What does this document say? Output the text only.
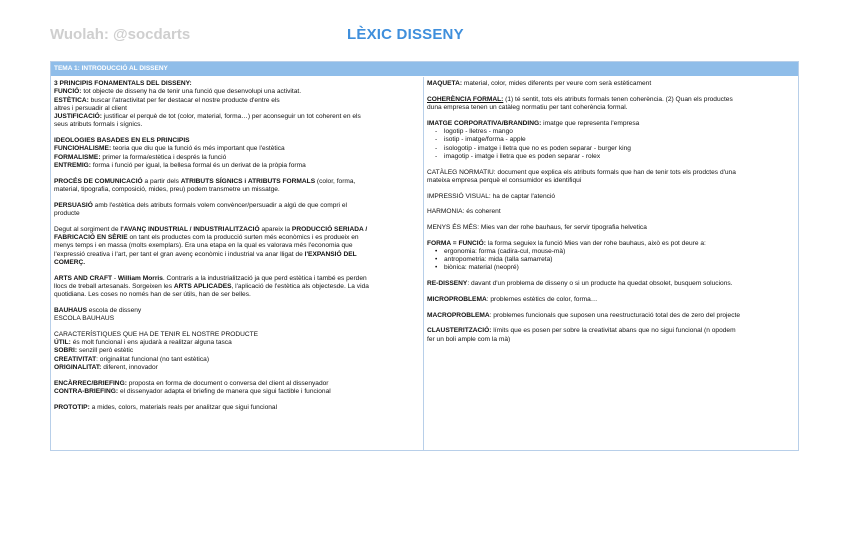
Wuolah: @socdarts	LÈXIC DISSENY
TEMA 1: INTRODUCCIÓ AL DISSENY

3 PRINCIPIS FONAMENTALS DEL DISSENY:

FUNCIÓ: tot objecte de disseny ha de tenir una funció que desenvolupi una activitat.

ESTÈTICA: buscar l'atractivitat per fer destacar el nostre producte d'entre els

altres i persuadir al client

JUSTIFICACIÓ: justificar el perquè de tot (color, material, forma…) per aconseguir un tot coherent en els

seus atributs formals i sígnics.

IDEOLOGIES BASADES EN ELS PRINCIPIS

FUNCIOHALISME: teoria que diu que la funció és més important que l'estètica

FORMALISME: primer la forma/estètica i després la funció

ENTREMIG: forma i funció per igual, la bellesa formal és un derivat de la pròpia forma

PROCÉS DE COMUNICACIÓ a partir dels ATRIBUTS SÍGNICS i ATRIBUTS FORMALS (color, forma,

material, tipografia, composició, mides, preu) podem transmetre un missatge.

PERSUASIÓ amb l'estètica dels atributs formals volem convèncer/persuadir a algú de que compri el

producte

Degut al sorgiment de l'AVANÇ INDUSTRIAL / INDUSTRIALITZACIÓ apareix la PRODUCCIÓ SERIADA /

FABRICACIÓ EN SÈRIE on tant els productes com la producció surten més econòmics i es produeix en

menys temps i en massa (molts exemplars). Era una etapa en la qual es valorava més l'economia que

l'expressió creativa i l'art, per tant el gran avenç econòmic i industrial va anar lligat de l'EXPANSIÓ DEL

COMERÇ.

ARTS AND CRAFT - William Morris. Contraris a la industrialització ja que perd estètica i també es perden

llocs de treball artesanals. Sorgeixen les ARTS APLICADES, l'aplicació de l'estètica als objectesde. La vida

quotidiana. Les coses no només han de ser útils, han de ser belles.

BAUHAUS escola de disseny

ESCOLA BAUHAUS

CARACTERÍSTIQUES QUE HA DE TENIR EL NOSTRE PRODUCTE

ÚTIL: és molt funcional i ens ajudarà a realitzar alguna tasca

SOBRI: senzill però estètic

CREATIVITAT: originalitat funcional (no tant estètica)

ORIGINALITAT: diferent, innovador

ENCÀRREC/BRIEFING: proposta en forma de document o conversa del client al dissenyador

CONTRA-BRIEFING: el dissenyador adapta el briefing de manera que sigui factible i funcional

PROTOTIP: a mides, colors, materials reals per analitzar que sigui funcional

MAQUETA: material, color, mides diferents per veure com serà estèticament

COHERÈNCIA FORMAL: (1) té sentit, tots els atributs formals tenen coherència. (2) Quan els productes

duna empresa tenen un catàleg normatiu per tant coherència formal.

IMATGE CORPORATIVA/BRANDING: imatge que representa l'empresa

- logotip - lletres - mango
- isotip - imatge/forma - apple
- isologotip - imatge i lletra que no es poden separar - burger king
- imagotip - imatge i lletra que es poden separar - rolex

CATÀLEG NORMATIU: document que explica els atributs formals que han de tenir tots els prodctes d'una

mateixa empresa perquè el consumidor es identifiqui

IMPRESSIÓ VISUAL: ha de captar l'atenció

HARMONIA: és coherent

MENYS ÉS MÉS: Mies van der rohe bauhaus, fer servir tipografia helvetica

FORMA = FUNCIÓ: la forma seguiex la funció Mies van der rohe bauhaus, això es pot deure a:

• ergonomia: forma (cadira-cul, mouse-mà)
• antropometria: mida (talla samarreta)
• biònica: material (neopré)

RE-DISSENY: davant d'un problema de disseny o si un producte ha quedat obsolet, busquem solucions.

MICROPROBLEMA: problemes estètics de color, forma…

MACROPROBLEMA: problemes funcionals que suposen una reestructuració total des de zero del projecte

CLAUSTERITZACIÓ: límits que es posen per sobre la creativitat abans que no sigui funcional (n opodem

fer un boli ample com la mà)
